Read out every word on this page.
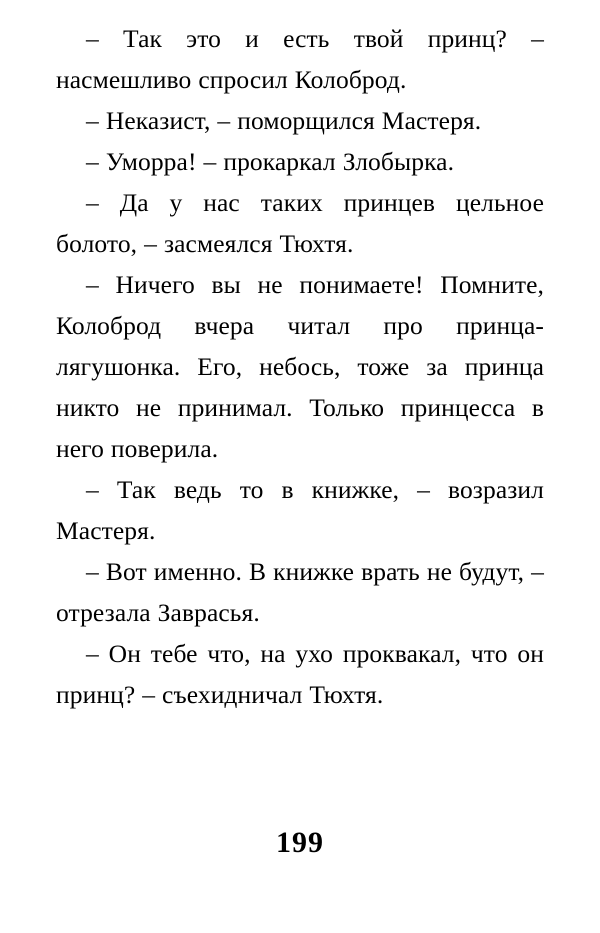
– Так это и есть твой принц? – насмешливо спросил Колоброд.

– Неказист, – поморщился Мастеря.

– Уморра! – прокаркал Злобырка.

– Да у нас таких принцев цельное болото, – засмеялся Тюхтя.

– Ничего вы не понимаете! Помните, Колоброд вчера читал про принца-лягушонка. Его, небось, тоже за принца никто не принимал. Только принцесса в него поверила.

– Так ведь то в книжке, – возразил Мастеря.

– Вот именно. В книжке врать не будут, – отрезала Заврасья.

– Он тебе что, на ухо проквакал, что он принц? – съехидничал Тюхтя.

199
